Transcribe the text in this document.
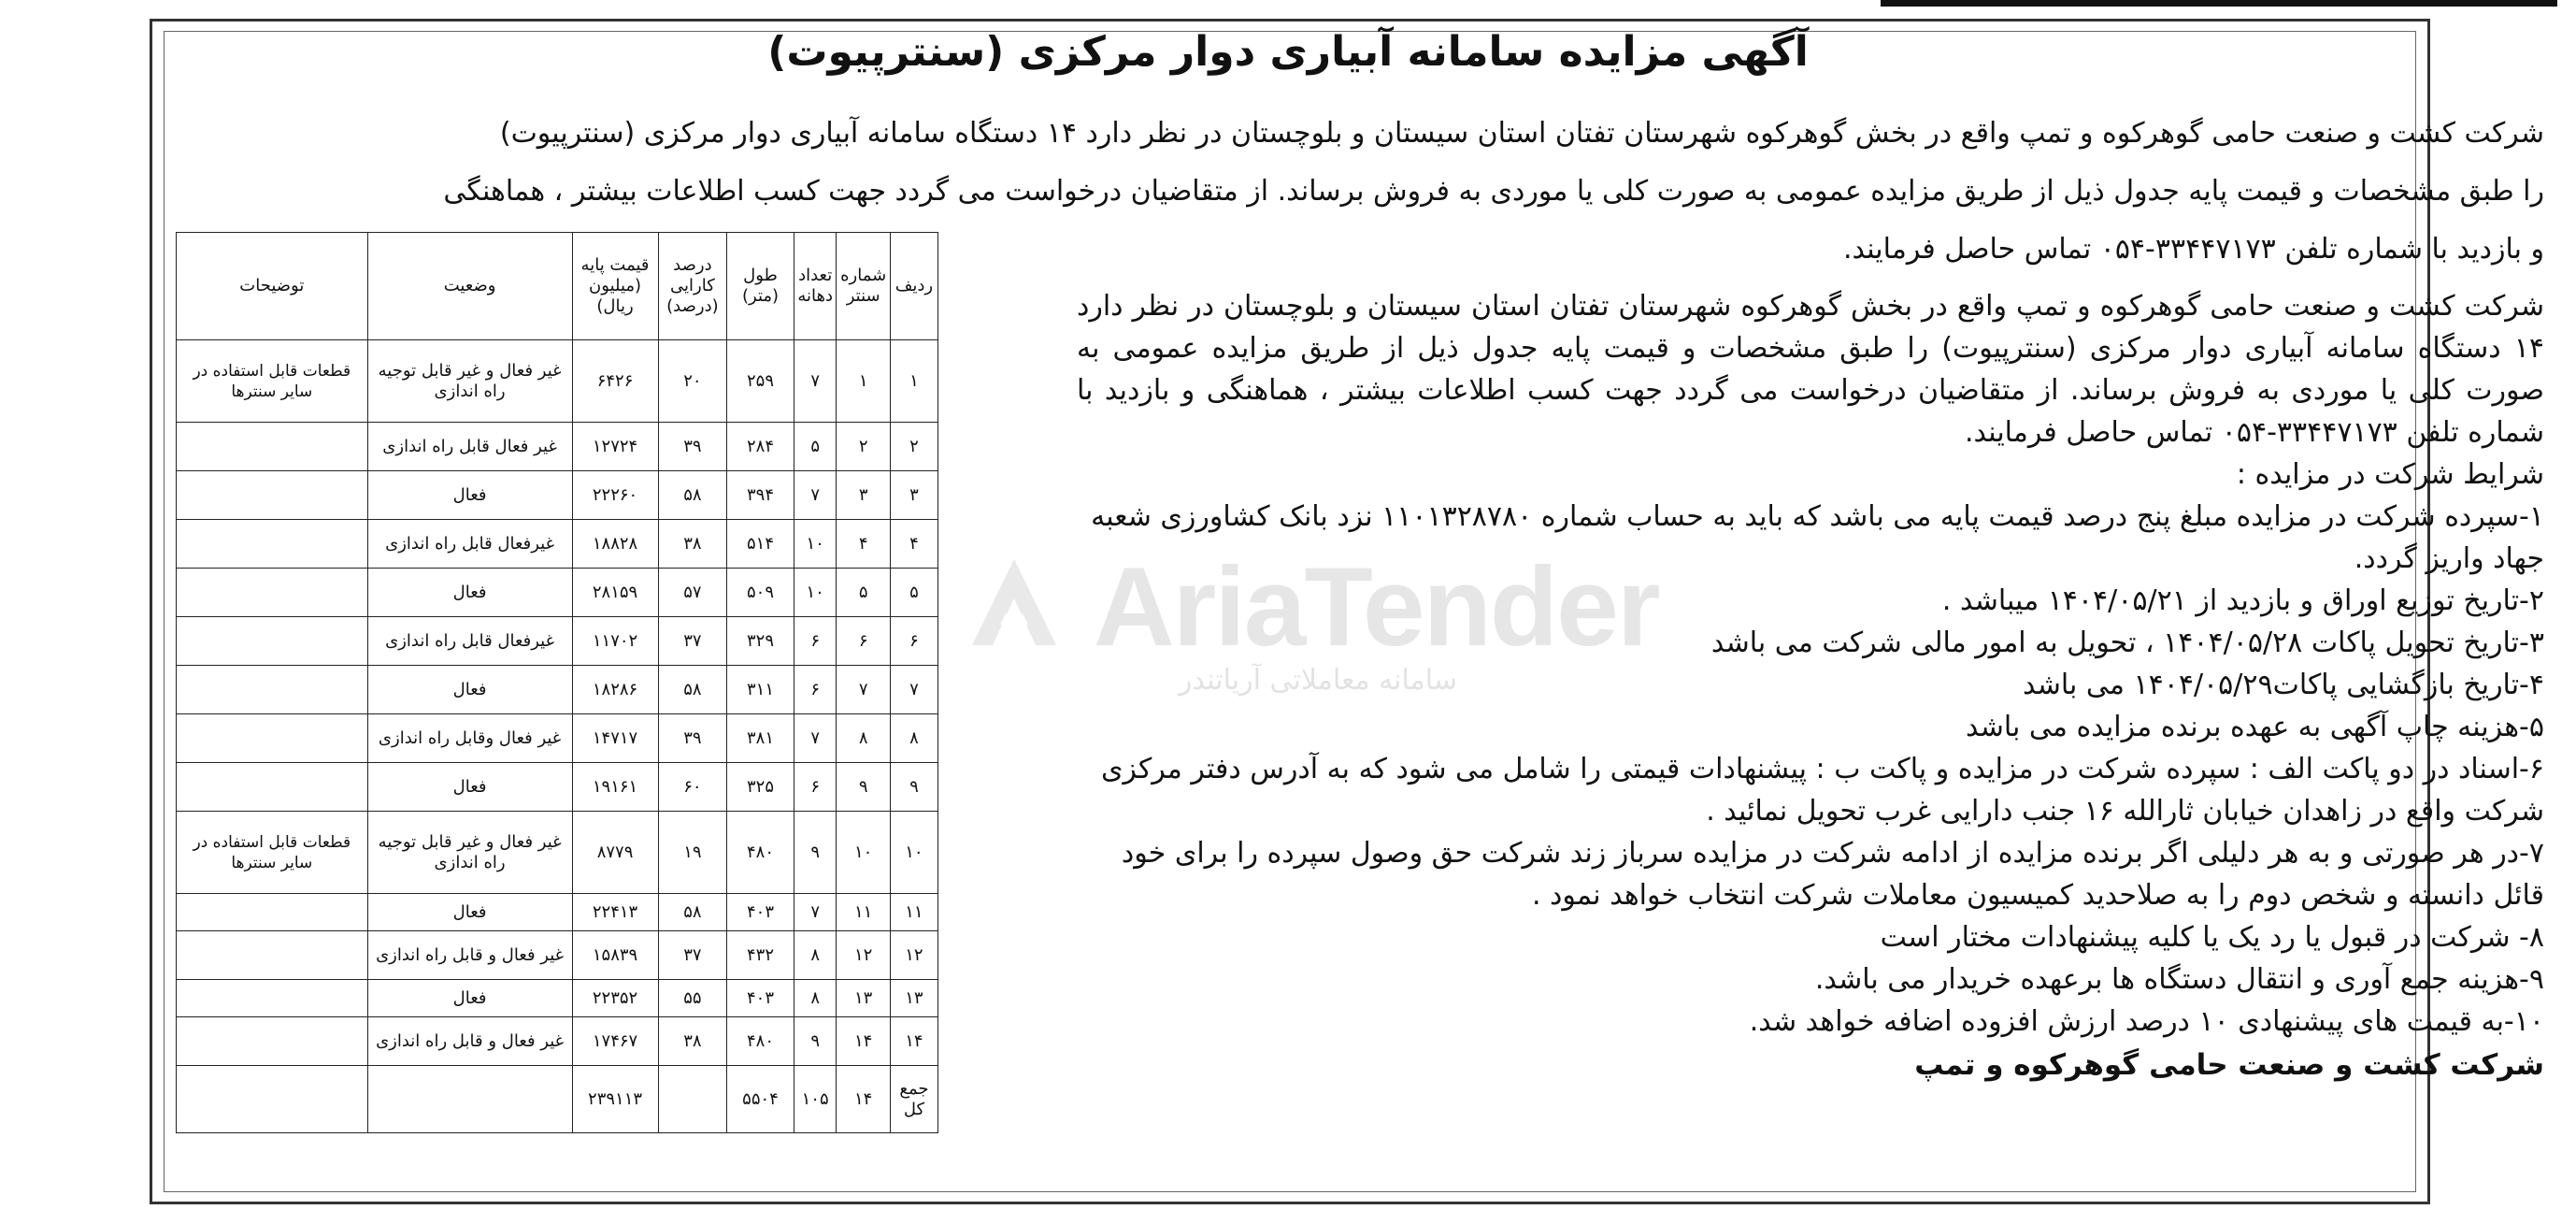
آگهی مزایده سامانه آبیاری دوار مرکزی (سنترپیوت)
شرکت کشت و صنعت حامی گوهرکوه و تمپ واقع در بخش گوهرکوه شهرستان تفتان استان سیستان و بلوچستان در نظر دارد ۱۴ دستگاه سامانه آبیاری دوار مرکزی (سنترپیوت)
را طبق مشخصات و قیمت پایه جدول ذیل از طریق مزایده عمومی به صورت کلی یا موردی به فروش برساند. از متقاضیان درخواست می گردد جهت کسب اطلاعات بیشتر ، هماهنگی
و بازدید با شماره تلفن ۳۳۴۴۷۱۷۳-۰۵۴ تماس حاصل فرمایند.
AriaTender
سامانه معاملاتی آریاتندر
شرکت کشت و صنعت حامی گوهرکوه و تمپ واقع در بخش گوهرکوه شهرستان تفتان استان سیستان و بلوچستان در نظر دارد ۱۴ دستگاه سامانه آبیاری دوار مرکزی (سنترپیوت) را طبق مشخصات و قیمت پایه جدول ذیل از طریق مزایده عمومی به صورت کلی یا موردی به فروش برساند. از متقاضیان درخواست می گردد جهت کسب اطلاعات بیشتر ، هماهنگی و بازدید با شماره تلفن ۳۳۴۴۷۱۷۳-۰۵۴ تماس حاصل فرمایند.
شرایط شرکت در مزایده :
۱-سپرده شرکت در مزایده مبلغ پنج درصد قیمت پایه می باشد که باید به حساب شماره ۱۱۰۱۳۲۸۷۸۰ نزد بانک کشاورزی شعبه جهاد واریز گردد.
۲-تاریخ توزیع اوراق و بازدید از ۱۴۰۴/۰۵/۲۱ میباشد .
۳-تاریخ تحویل پاکات ۱۴۰۴/۰۵/۲۸ ، تحویل به امور مالی شرکت می باشد
۴-تاریخ بازگشایی پاکات۱۴۰۴/۰۵/۲۹ می باشد
۵-هزینه چاپ آگهی به عهده برنده مزایده می باشد
۶-اسناد در دو پاکت الف : سپرده شرکت در مزایده و پاکت ب : پیشنهادات قیمتی را شامل می شود که به آدرس دفتر مرکزی شرکت واقع در زاهدان خیابان ثارالله ۱۶ جنب دارایی غرب تحویل نمائید .
۷-در هر صورتی و به هر دلیلی اگر برنده مزایده از ادامه شرکت در مزایده سرباز زند شرکت حق وصول سپرده را برای خود قائل دانسته و شخص دوم را به صلاحدید کمیسیون معاملات شرکت انتخاب خواهد نمود .
۸- شرکت در قبول یا رد یک یا کلیه پیشنهادات مختار است
۹-هزینه جمع آوری و انتقال دستگاه ها برعهده خریدار می باشد.
۱۰-به قیمت های پیشنهادی ۱۰ درصد ارزش افزوده اضافه خواهد شد.
شرکت کشت و صنعت حامی گوهرکوه و تمپ
ردیف	شماره سنتر	تعداد دهانه	طول (متر)	درصد کارایی (درصد)	قیمت پایه (میلیون ریال)	وضعیت	توضیحات
۱	۱	۷	۲۵۹	۲۰	۶۴۲۶	غیر فعال و غیر قابل توجیه راه اندازی	قطعات قابل استفاده در سایر سنترها
۲	۲	۵	۲۸۴	۳۹	۱۲۷۲۴	غیر فعال قابل راه اندازی	
۳	۳	۷	۳۹۴	۵۸	۲۲۲۶۰	فعال	
۴	۴	۱۰	۵۱۴	۳۸	۱۸۸۲۸	غیرفعال قابل راه اندازی	
۵	۵	۱۰	۵۰۹	۵۷	۲۸۱۵۹	فعال	
۶	۶	۶	۳۲۹	۳۷	۱۱۷۰۲	غیرفعال قابل راه اندازی	
۷	۷	۶	۳۱۱	۵۸	۱۸۲۸۶	فعال	
۸	۸	۷	۳۸۱	۳۹	۱۴۷۱۷	غیر فعال وقابل راه اندازی	
۹	۹	۶	۳۲۵	۶۰	۱۹۱۶۱	فعال	
۱۰	۱۰	۹	۴۸۰	۱۹	۸۷۷۹	غیر فعال و غیر قابل توجیه راه اندازی	قطعات قابل استفاده در سایر سنترها
۱۱	۱۱	۷	۴۰۳	۵۸	۲۲۴۱۳	فعال	
۱۲	۱۲	۸	۴۳۲	۳۷	۱۵۸۳۹	غیر فعال و قابل راه اندازی	
۱۳	۱۳	۸	۴۰۳	۵۵	۲۲۳۵۲	فعال	
۱۴	۱۴	۹	۴۸۰	۳۸	۱۷۴۶۷	غیر فعال و قابل راه اندازی	
جمع کل	۱۴	۱۰۵	۵۵۰۴		۲۳۹۱۱۳		
